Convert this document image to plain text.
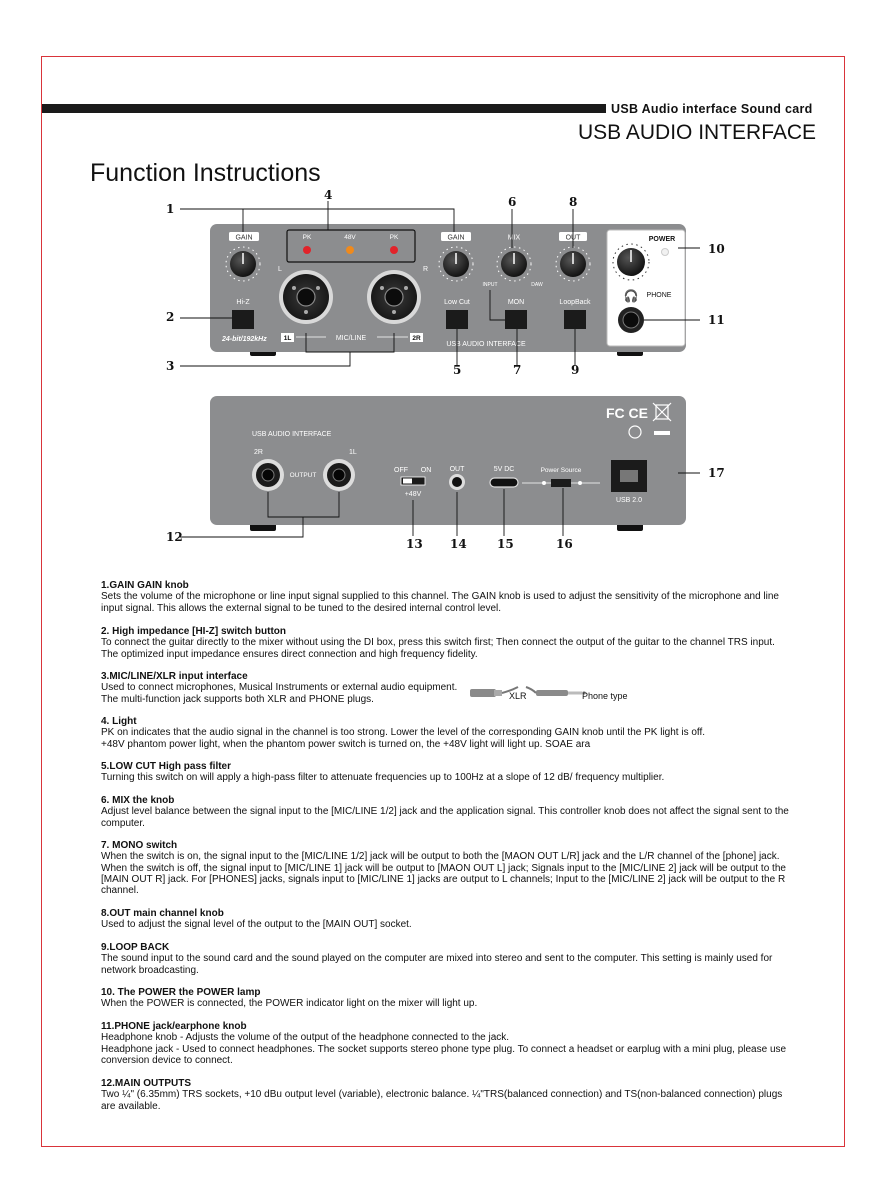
USB Audio interface Sound card
USB AUDIO INTERFACE
Function Instructions
GAIN	GAIN	MIX	OUT
PK	48V	PK	POWER
PHONE
🎧
L	R
Hi-Z	Low Cut
INPUT	DAW
MON	LoopBack
24-bit/192kHz	1L	MIC/LINE	2R
USB AUDIO INTERFACE
USB AUDIO INTERFACE
FC CE
2R	1L
OUTPUT
OFF ON
+48V
OUT	5V DC	Power Source
USB 2.0
1
2
3
4
5
6
7
8
9
10
11
12	13 14	15	16
17
1.GAIN GAIN knob

Sets the volume of the microphone or line input signal supplied to this channel. The GAIN knob is used to adjust the sensitivity of the microphone and line input signal. This allows the external signal to be tuned to the desired internal control level.

2. High impedance [HI-Z] switch button

To connect the guitar directly to the mixer without using the DI box, press this switch first; Then connect the output of the guitar to the channel TRS input. The optimized input impedance ensures direct connection and high frequency fidelity.

3.MIC/LINE/XLR input interface

Used to connect microphones, Musical Instruments or external audio equipment.

The multi-function jack supports both XLR and PHONE plugs.	XLR	Phone type
4. Light

PK on indicates that the audio signal in the channel is too strong. Lower the level of the corresponding GAIN knob until the PK light is off.

+48V phantom power light, when the phantom power switch is turned on, the +48V light will light up. SOAE ara

5.LOW CUT High pass filter

Turning this switch on will apply a high-pass filter to attenuate frequencies up to 100Hz at a slope of 12 dB/ frequency multiplier.

6. MIX the knob

Adjust level balance between the signal input to the [MIC/LINE 1/2] jack and the application signal. This controller knob does not affect the signal sent to the computer.

7. MONO switch

When the switch is on, the signal input to the [MIC/LINE 1/2] jack will be output to both the [MAON OUT L/R] jack and the L/R channel of the [phone] jack. When the switch is off, the signal input to [MIC/LINE 1] jack will be output to [MAON OUT L] jack; Signals input to the [MIC/LINE 2] jack will be output to the [MAIN OUT R] jack. For [PHONES] jacks, signals input to [MIC/LINE 1] jacks are output to L channels; Input to the [MIC/LINE 2] jack will be output to the R channel.

8.OUT main channel knob

Used to adjust the signal level of the output to the [MAIN OUT] socket.

9.LOOP BACK

The sound input to the sound card and the sound played on the computer are mixed into stereo and sent to the computer. This setting is mainly used for network broadcasting.

10. The POWER the POWER lamp

When the POWER is connected, the POWER indicator light on the mixer will light up.

11.PHONE jack/earphone knob

Headphone knob - Adjusts the volume of the output of the headphone connected to the jack.

Headphone jack - Used to connect headphones. The socket supports stereo phone type plug. To connect a headset or earplug with a mini plug, please use conversion device to connect.

12.MAIN OUTPUTS

Two ¼" (6.35mm) TRS sockets, +10 dBu output level (variable), electronic balance. ¼"TRS(balanced connection) and TS(non-balanced connection) plugs are available.
